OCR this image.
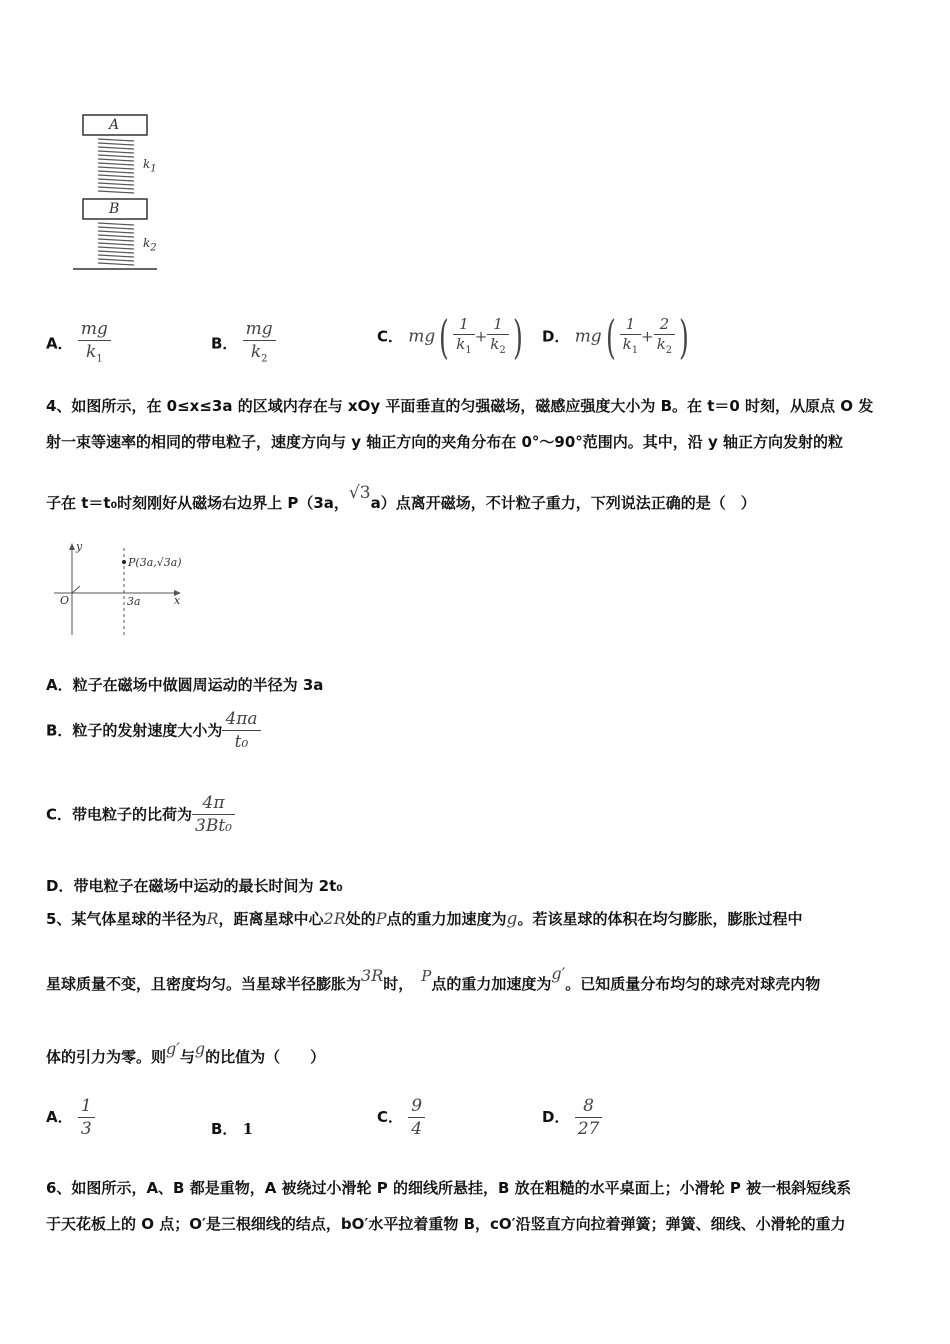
A
B
$k_1$
$k_2$
A． $\frac{mg}{k_1}$	B． $\frac{mg}{k_2}$	C． $mg( \frac{1}{k_1} + \frac{1}{k_2}$ ) D． $mg( \frac{1}{k_1} + \frac{2}{k_2}$ )
4、如图所示，在 0≤x≤3a 的区域内存在与 xOy 平面垂直的匀强磁场，磁感应强度大小为 B。在 t＝0 时刻，从原点 O 发
射一束等速率的相同的带电粒子，速度方向与 y 轴正方向的夹角分布在 0°～90°范围内。其中，沿 y 轴正方向发射的粒
子在 t＝t₀时刻刚好从磁场右边界上 P（3a，√3a）点离开磁场，不计粒子重力，下列说法正确的是（　）
y
x
O	3a
P(3a,√3a)
A．粒子在磁场中做圆周运动的半径为 3a
B．粒子的发射速度大小为 $\frac{4\pi a}{\text{t₀}}$
C．带电粒子的比荷为 $\frac{4\pi}{\text{3Bt₀}}$
D．带电粒子在磁场中运动的最长时间为 2t₀
5、某气体星球的半径为R，距离星球中心2R处的P点的重力加速度为g。若该星球的体积在均匀膨胀，膨胀过程中
星球质量不变，且密度均匀。当星球半径膨胀为3R时， P点的重力加速度为g′。已知质量分布均匀的球壳对球壳内物
体的引力为零。则g′与g的比值为（　　）
A． $\frac{1}{3}$	B． 1
C． $\frac{9}{4}$	D． $\frac{8}{27}$
6、如图所示，A、B 都是重物，A 被绕过小滑轮 P 的细线所悬挂，B 放在粗糙的水平桌面上；小滑轮 P 被一根斜短线系
于天花板上的 O 点；O′是三根细线的结点，bO′水平拉着重物 B，cO′沿竖直方向拉着弹簧；弹簧、细线、小滑轮的重力
